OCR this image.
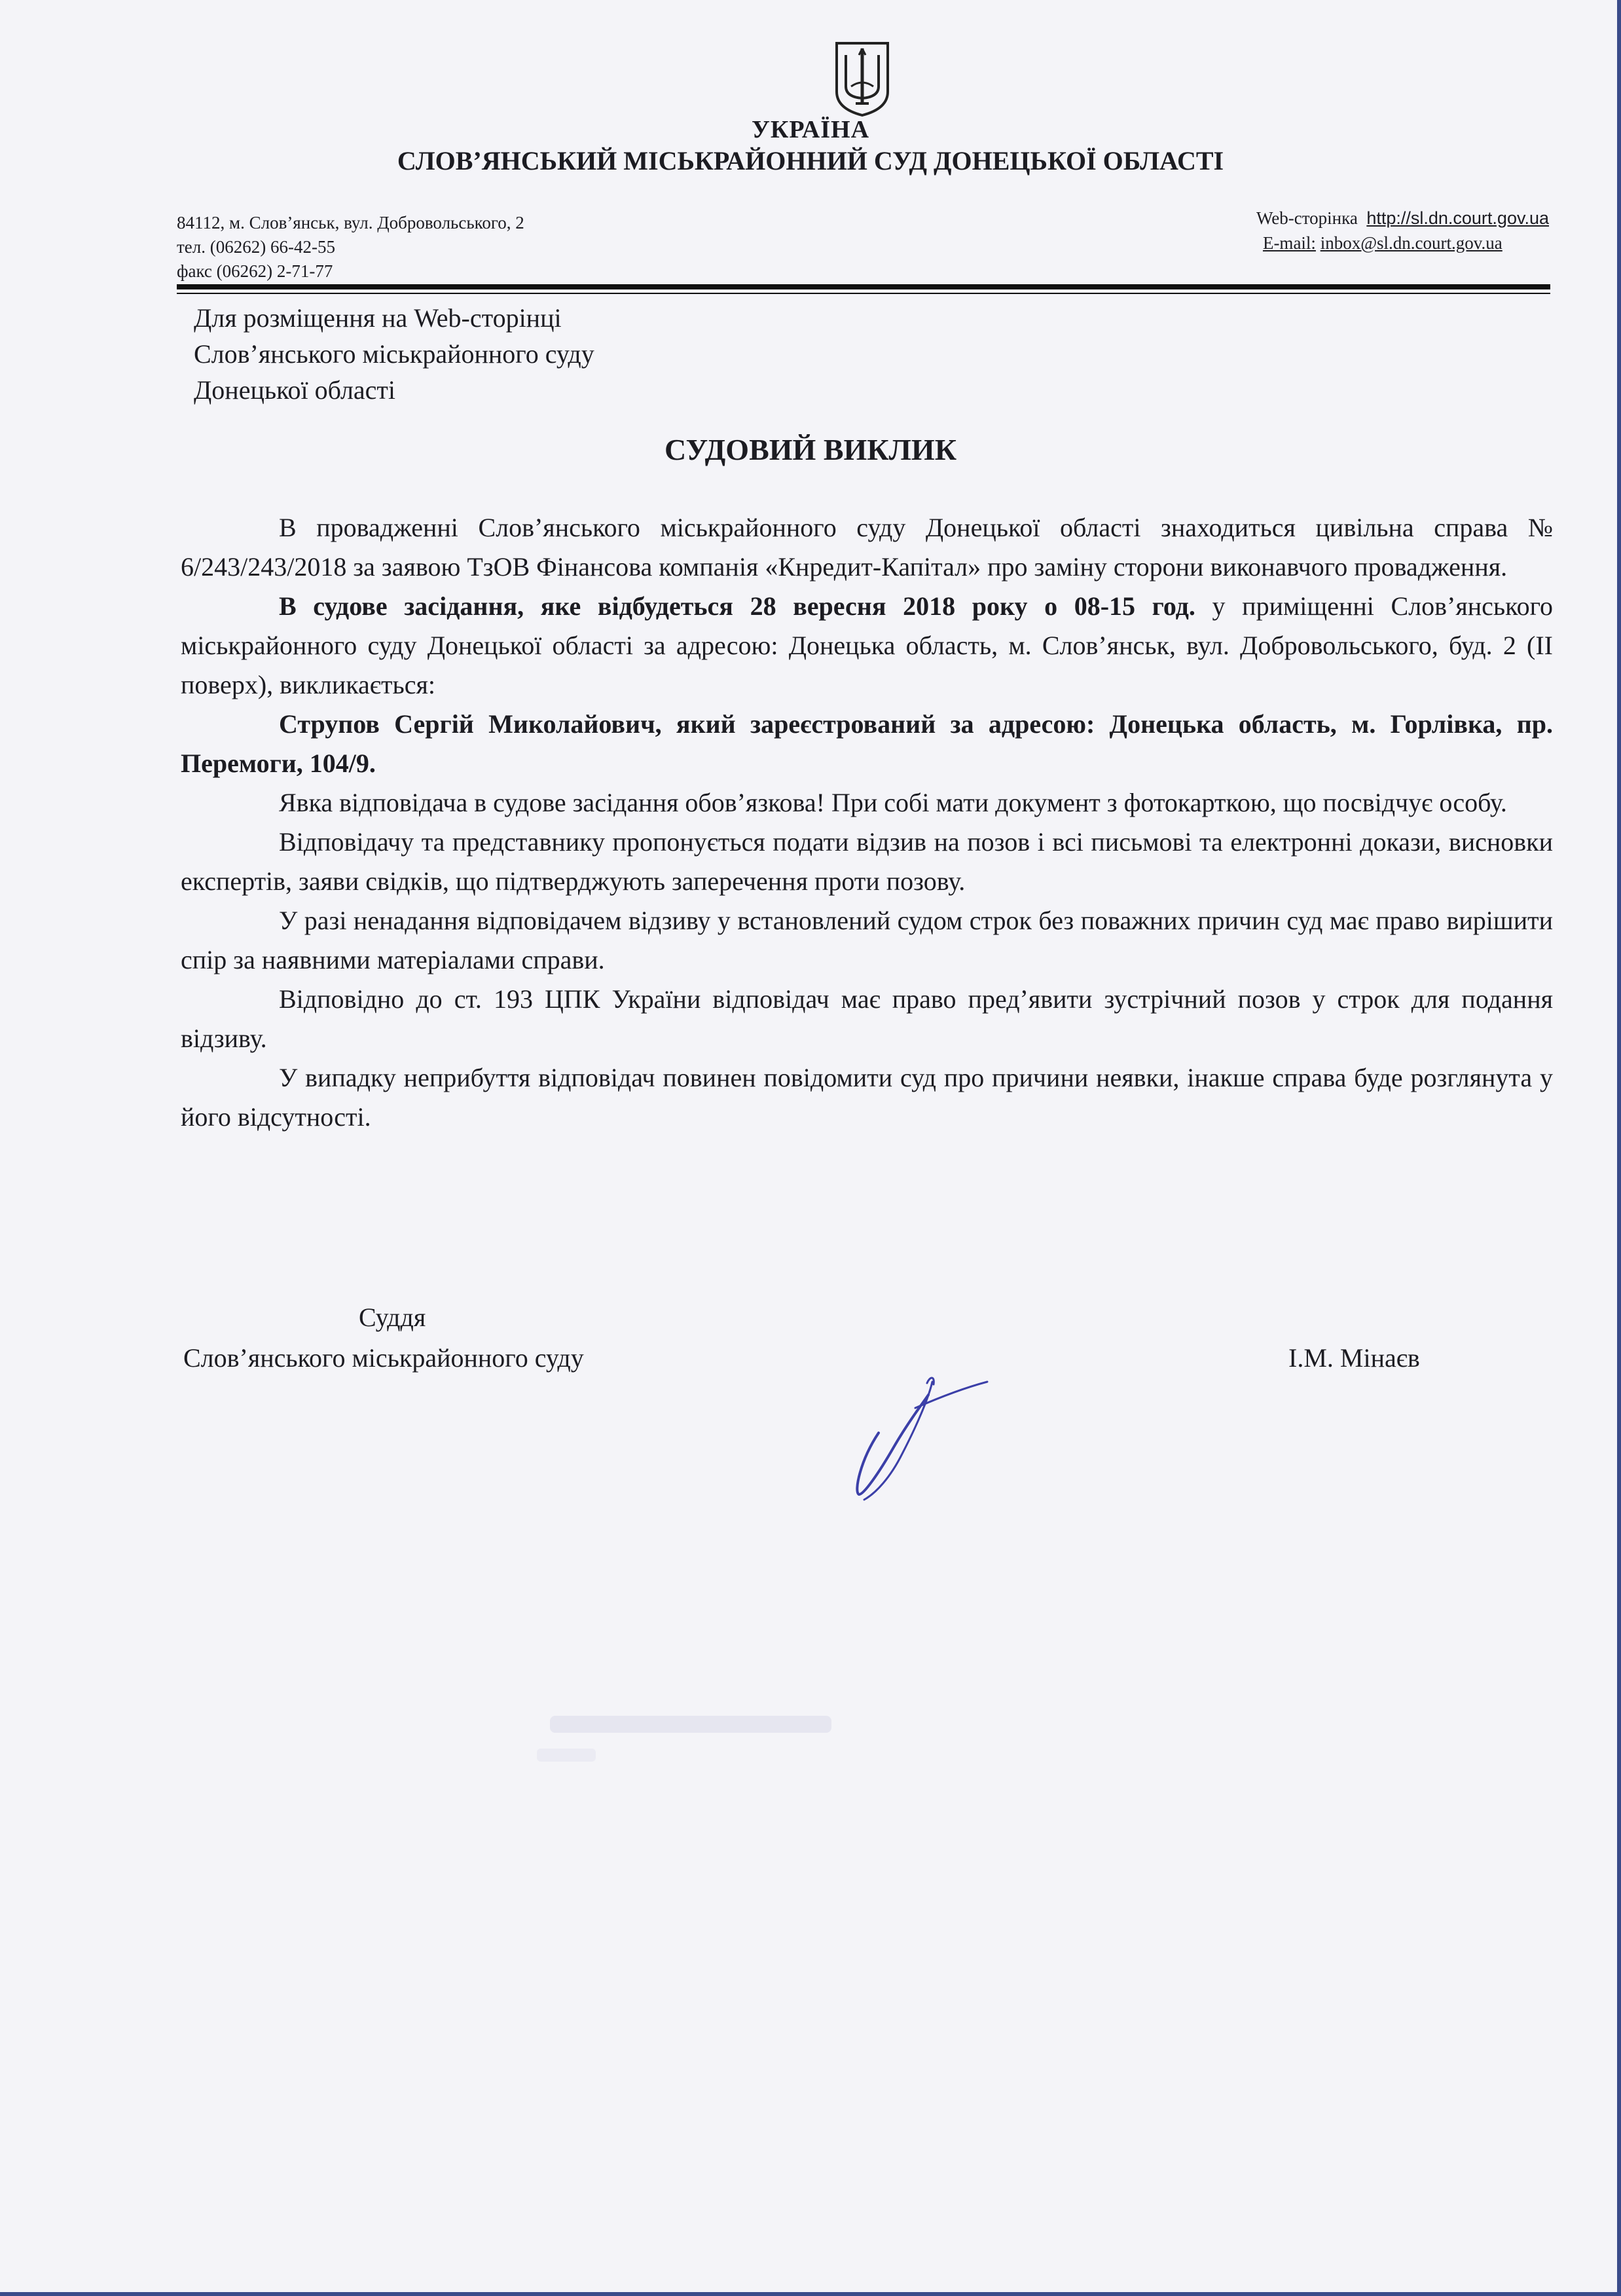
УКРАЇНА
СЛОВ’ЯНСЬКИЙ МІСЬКРАЙОННИЙ СУД ДОНЕЦЬКОЇ ОБЛАСТІ
84112, м. Слов’янськ, вул. Добровольського, 2
тел. (06262) 66-42-55
факс (06262) 2-71-77
Web-сторінка http://sl.dn.court.gov.ua
E-mail: inbox@sl.dn.court.gov.ua
Для розміщення на Web-сторінці
Слов’янського міськрайонного суду
Донецької області
СУДОВИЙ ВИКЛИК

В провадженні Слов’янського міськрайонного суду Донецької області знаходиться цивільна справа № 6/243/243/2018 за заявою ТзОВ Фінансова компанія «Кнредит-Капітал» про заміну сторони виконавчого провадження.

В судове засідання, яке відбудеться 28 вересня 2018 року о 08-15 год. у приміщенні Слов’янського міськрайонного суду Донецької області за адресою: Донецька область, м. Слов’янськ, вул. Добровольського, буд. 2 (ІІ поверх), викликається:

Струпов Сергій Миколайович, який зареєстрований за адресою: Донецька область, м. Горлівка, пр. Перемоги, 104/9.

Явка відповідача в судове засідання обов’язкова! При собі мати документ з фотокарткою, що посвідчує особу.

Відповідачу та представнику пропонується подати відзив на позов і всі письмові та електронні докази, висновки експертів, заяви свідків, що підтверджують заперечення проти позову.

У разі ненадання відповідачем відзиву у встановлений судом строк без поважних причин суд має право вирішити спір за наявними матеріалами справи.

Відповідно до ст. 193 ЦПК України відповідач має право пред’явити зустрічний позов у строк для подання відзиву.

У випадку неприбуття відповідач повинен повідомити суд про причини неявки, інакше справа буде розглянута у його відсутності.

Суддя
Слов’янського міськрайонного суду	І.М. Мінаєв
